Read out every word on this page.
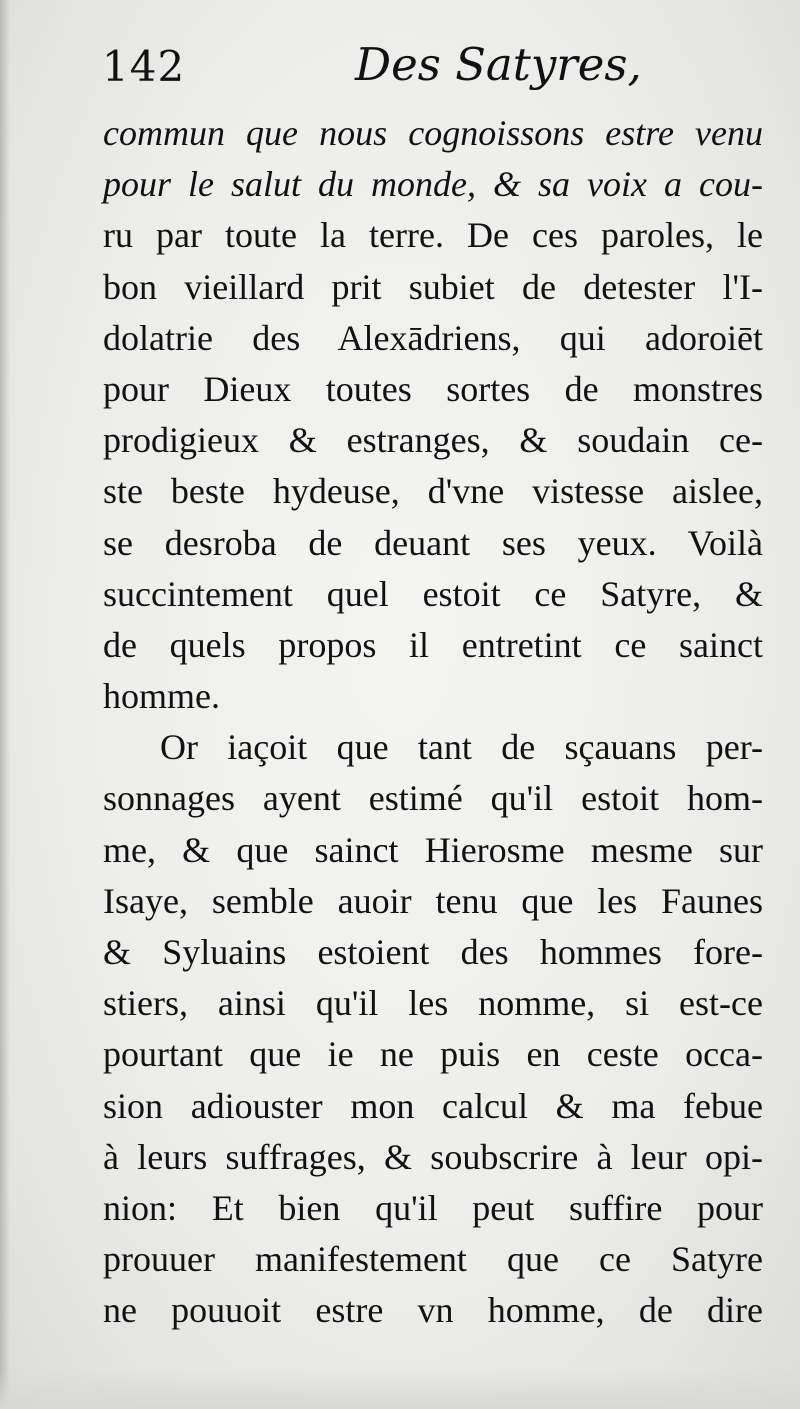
142	Des Satyres,
commun que nous cognoissons estre venu
pour le salut du monde, & sa voix a cou-
ru par toute la terre. De ces paroles, le
bon vieillard prit subiet de detester l'I-
dolatrie des Alexādriens, qui adoroiēt
pour Dieux toutes sortes de monstres
prodigieux & estranges, & soudain ce-
ste beste hydeuse, d'vne vistesse aislee,
se desroba de deuant ses yeux. Voilà
succintement quel estoit ce Satyre, &
de quels propos il entretint ce sainct
homme.
Or iaçoit que tant de sçauans per-
sonnages ayent estimé qu'il estoit hom-
me, & que sainct Hierosme mesme sur
Isaye, semble auoir tenu que les Faunes
& Syluains estoient des hommes fore-
stiers, ainsi qu'il les nomme, si est-ce
pourtant que ie ne puis en ceste occa-
sion adiouster mon calcul & ma febue
à leurs suffrages, & soubscrire à leur opi-
nion: Et bien qu'il peut suffire pour
prouuer manifestement que ce Satyre
ne pouuoit estre vn homme, de dire
